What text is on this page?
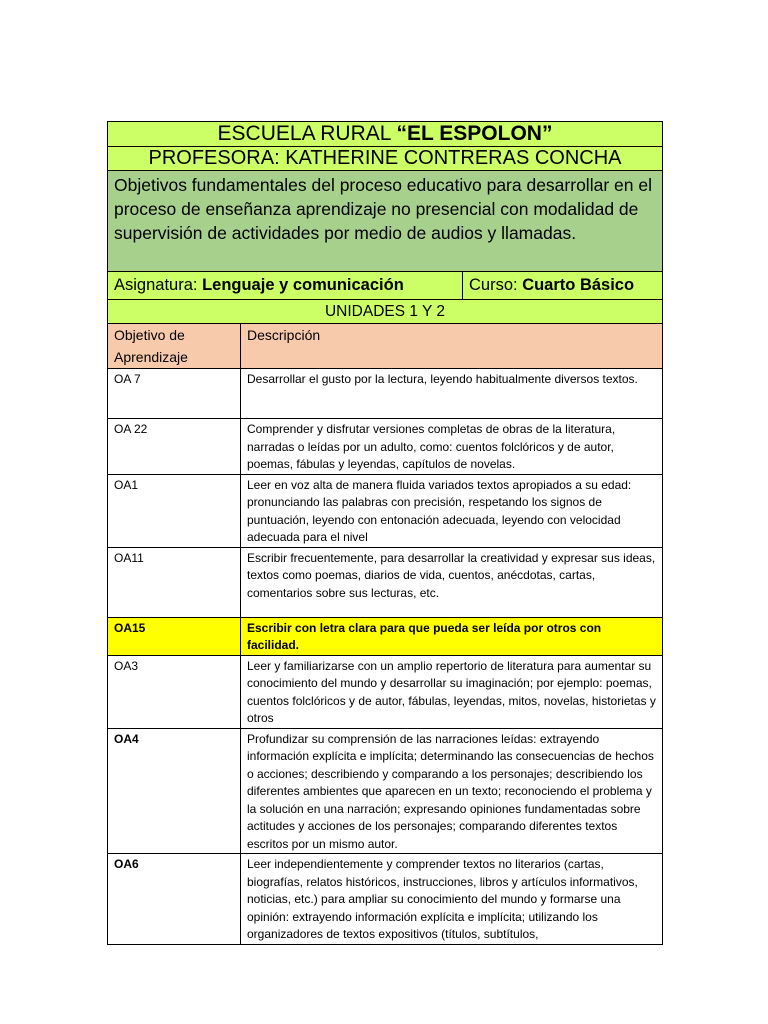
ESCUELA RURAL “EL ESPOLON”		
PROFESORA: KATHERINE CONTRERAS CONCHA		
Objetivos fundamentales del proceso educativo para desarrollar en el proceso de enseñanza aprendizaje no presencial con modalidad de supervisión de actividades por medio de audios y llamadas.		
Asignatura: Lenguaje y comunicación		Curso: Cuarto Básico
UNIDADES 1 Y 2		
Objetivo de Aprendizaje	Descripción	
OA 7	Desarrollar el gusto por la lectura, leyendo habitualmente diversos textos.	
OA 22	Comprender y disfrutar versiones completas de obras de la literatura, narradas o leídas por un adulto, como: cuentos folclóricos y de autor, poemas, fábulas y leyendas, capítulos de novelas.	
OA1	Leer en voz alta de manera fluida variados textos apropiados a su edad: pronunciando las palabras con precisión, respetando los signos de puntuación, leyendo con entonación adecuada, leyendo con velocidad adecuada para el nivel	
OA11	Escribir frecuentemente, para desarrollar la creatividad y expresar sus ideas, textos como poemas, diarios de vida, cuentos, anécdotas, cartas, comentarios sobre sus lecturas, etc.	
OA15	Escribir con letra clara para que pueda ser leída por otros con facilidad.	
OA3	Leer y familiarizarse con un amplio repertorio de literatura para aumentar su conocimiento del mundo y desarrollar su imaginación; por ejemplo: poemas, cuentos folclóricos y de autor, fábulas, leyendas, mitos, novelas, historietas y otros	
OA4	Profundizar su comprensión de las narraciones leídas: extrayendo información explícita e implícita; determinando las consecuencias de hechos o acciones; describiendo y comparando a los personajes; describiendo los diferentes ambientes que aparecen en un texto; reconociendo el problema y la solución en una narración; expresando opiniones fundamentadas sobre actitudes y acciones de los personajes; comparando diferentes textos escritos por un mismo autor.	
OA6	Leer independientemente y comprender textos no literarios (cartas, biografías, relatos históricos, instrucciones, libros y artículos informativos, noticias, etc.) para ampliar su conocimiento del mundo y formarse una opinión: extrayendo información explícita e implícita; utilizando los organizadores de textos expositivos (títulos, subtítulos,	
